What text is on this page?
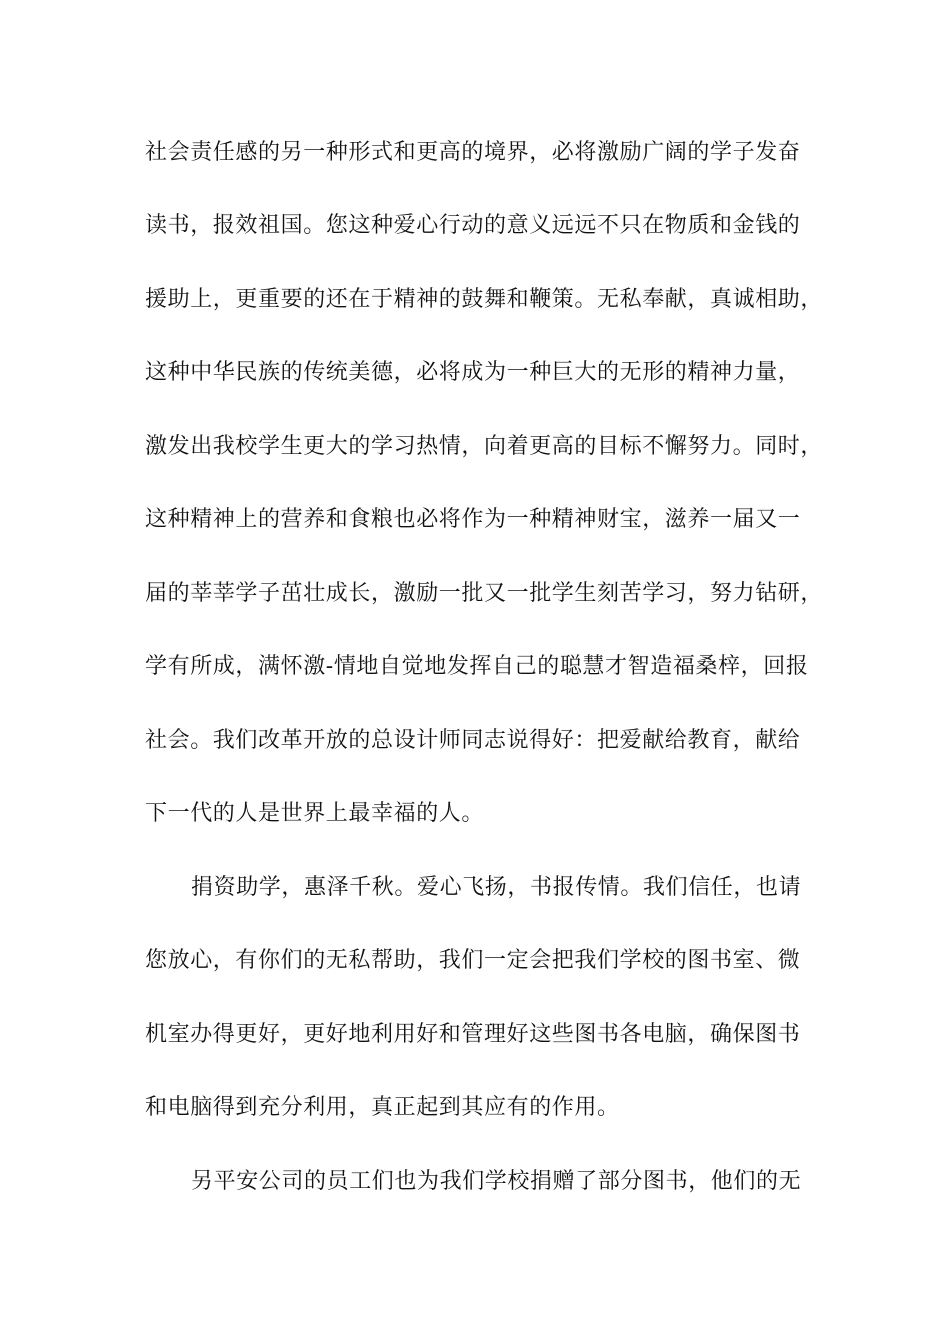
社会责任感的另一种形式和更高的境界，必将激励广阔的学子发奋
读书，报效祖国。您这种爱心行动的意义远远不只在物质和金钱的
援助上，更重要的还在于精神的鼓舞和鞭策。无私奉献，真诚相助，
这种中华民族的传统美德，必将成为一种巨大的无形的精神力量，
激发出我校学生更大的学习热情，向着更高的目标不懈努力。同时，
这种精神上的营养和食粮也必将作为一种精神财宝，滋养一届又一
届的莘莘学子茁壮成长，激励一批又一批学生刻苦学习，努力钻研，
学有所成，满怀激-情地自觉地发挥自己的聪慧才智造福桑梓，回报
社会。我们改革开放的总设计师同志说得好：把爱献给教育，献给
下一代的人是世界上最幸福的人。
捐资助学，惠泽千秋。爱心飞扬，书报传情。我们信任，也请
您放心，有你们的无私帮助，我们一定会把我们学校的图书室、微
机室办得更好，更好地利用好和管理好这些图书各电脑，确保图书
和电脑得到充分利用，真正起到其应有的作用。
另平安公司的员工们也为我们学校捐赠了部分图书，他们的无
